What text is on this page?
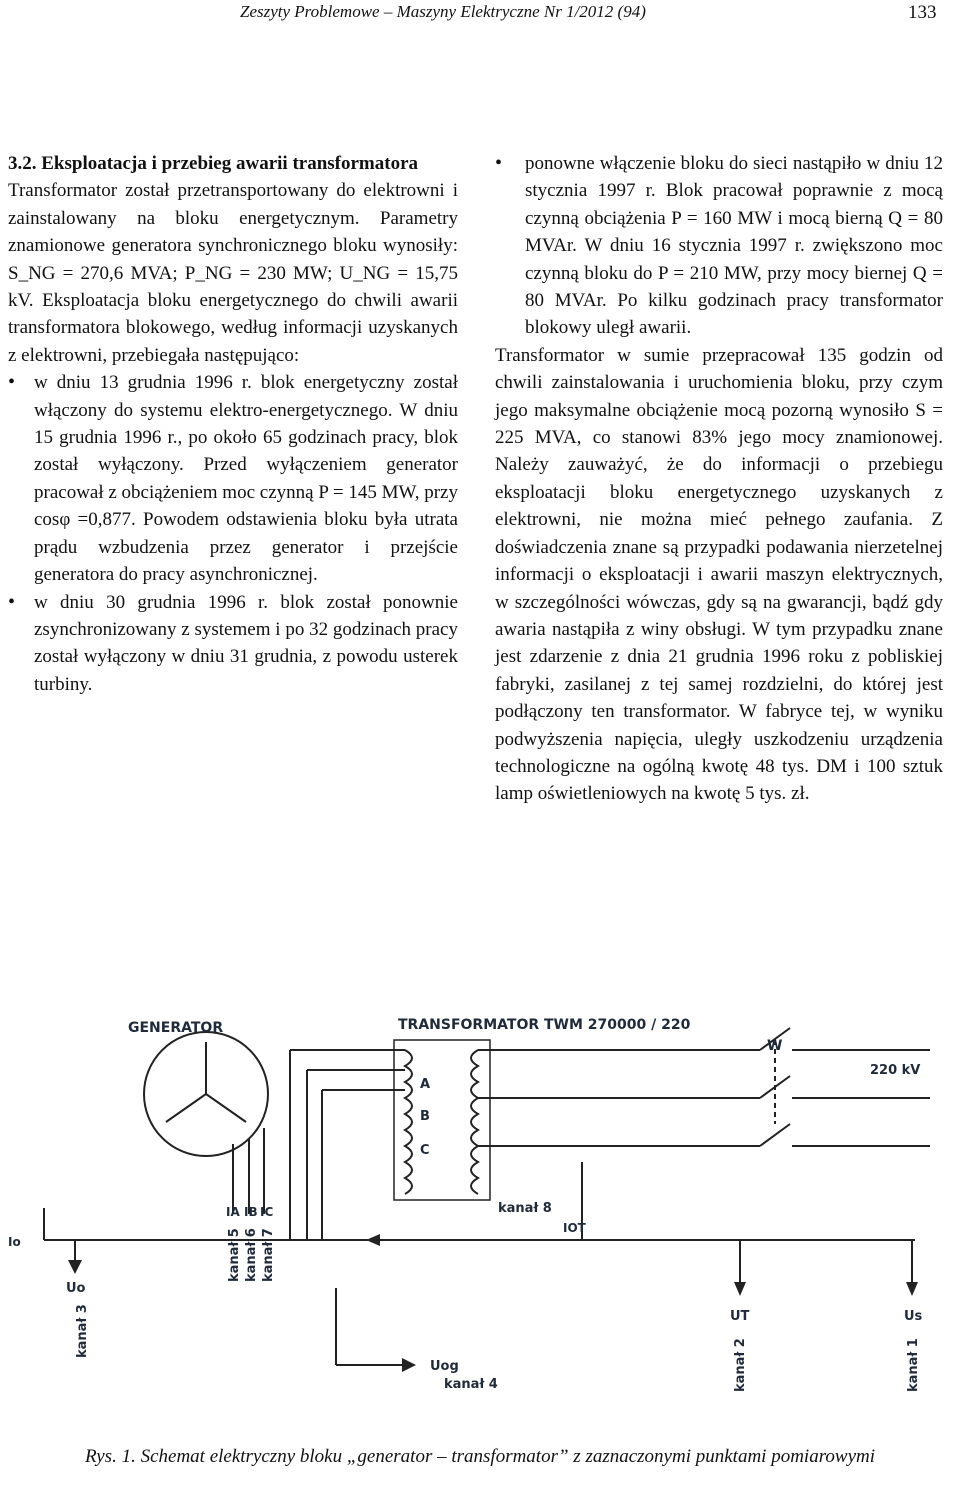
Zeszyty Problemowe – Maszyny Elektryczne Nr 1/2012 (94)	133

3.2. Eksploatacja i przebieg awarii transformatora

Transformator został przetransportowany do elektrowni i zainstalowany na bloku energetycznym. Parametry znamionowe generatora synchronicznego bloku wynosiły: S_NG = 270,6 MVA; P_NG = 230 MW; U_NG = 15,75 kV. Eksploatacja bloku energetycznego do chwili awarii transformatora blokowego, według informacji uzyskanych z elektrowni, przebiegała następująco:

• w dniu 13 grudnia 1996 r. blok energetyczny został włączony do systemu elektro-energetycznego. W dniu 15 grudnia 1996 r., po około 65 godzinach pracy, blok został wyłączony. Przed wyłączeniem generator pracował z obciążeniem moc czynną P = 145 MW, przy cosφ =0,877. Powodem odstawienia bloku była utrata prądu wzbudzenia przez generator i przejście generatora do pracy asynchronicznej.
• w dniu 30 grudnia 1996 r. blok został ponownie zsynchronizowany z systemem i po 32 godzinach pracy został wyłączony w dniu 31 grudnia, z powodu usterek turbiny.
• ponowne włączenie bloku do sieci nastąpiło w dniu 12 stycznia 1997 r. Blok pracował poprawnie z mocą czynną obciążenia P = 160 MW i mocą bierną Q = 80 MVAr. W dniu 16 stycznia 1997 r. zwiększono moc czynną bloku do P = 210 MW, przy mocy biernej Q = 80 MVAr. Po kilku godzinach pracy transformator blokowy uległ awarii.

Transformator w sumie przepracował 135 godzin od chwili zainstalowania i uruchomienia bloku, przy czym jego maksymalne obciążenie mocą pozorną wynosiło S = 225 MVA, co stanowi 83% jego mocy znamionowej. Należy zauważyć, że do informacji o przebiegu eksploatacji bloku energetycznego uzyskanych z elektrowni, nie można mieć pełnego zaufania. Z doświadczenia znane są przypadki podawania nierzetelnej informacji o eksploatacji i awarii maszyn elektrycznych, w szczególności wówczas, gdy są na gwarancji, bądź gdy awaria nastąpiła z winy obsługi. W tym przypadku znane jest zdarzenie z dnia 21 grudnia 1996 roku z pobliskiej fabryki, zasilanej z tej samej rozdzielni, do której jest podłączony ten transformator. W fabryce tej, w wyniku podwyższenia napięcia, uległy uszkodzeniu urządzenia technologiczne na ogólną kwotę 48 tys. DM i 100 sztuk lamp oświetleniowych na kwotę 5 tys. zł.

GENERATOR	TRANSFORMATOR TWM 270000 / 220
W
220 kV
A
B
C
IA IB IC
Io
Uo
IOT
Uog
UT	Us
kanał 8
kanał 4
kanał 5 kanał 6 kanał 7
kanał 3
kanał 2	kanał 1
Rys. 1. Schemat elektryczny bloku „generator – transformator” z zaznaczonymi punktami pomiarowymi
